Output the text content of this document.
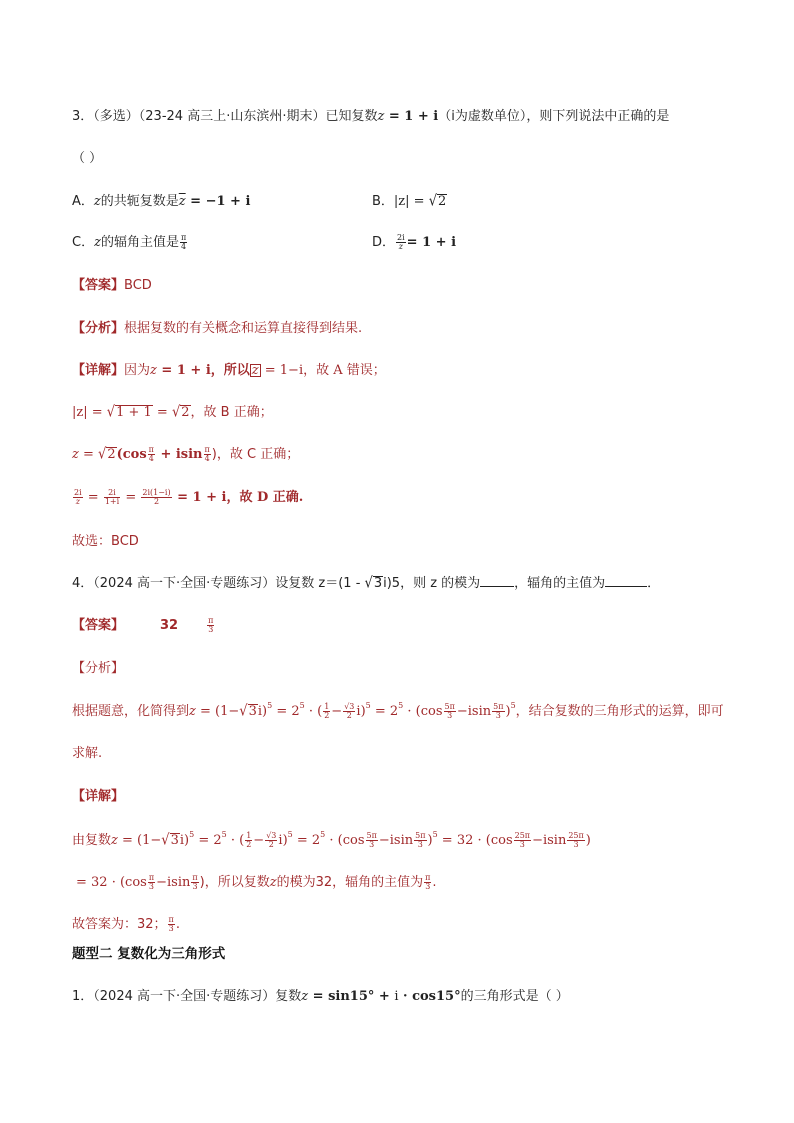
3．（多选）（23-24 高三上·山东滨州·期末）已知复数z = 1 + i（i为虚数单位），则下列说法中正确的是
（ ）
A．z的共轭复数是$\overline{z} = -1 + i$	B．|z| = √2
C．z的辐角主值是 $\frac{\pi}{4}$	D． $\frac{2i}{z} = 1 + i$
【答案】BCD
【分析】根据复数的有关概念和运算直接得到结果.
【详解】因为z = 1 + i，所以 z = 1−i，故 A 错误；
|z| = √1 + 1 = √2，故 B 正确；
$z = √2(\cos \frac{\pi}{4} + isin \frac{\pi}{4}$ )，故 C 正确；
$\frac{2i}{z} = \frac{2i}{1+i} = \frac{2i(1-i)}{2} = 1 + i$，故 D 正确.
故选：BCD
4．（2024 高一下·全国·专题练习）设复数 z＝(1 - √3i)5，则 z 的模为	，辐角的主值为	．
【答案】	32	$\frac{\pi}{3}$
【分析】
根据题意，化简得到$z = (1-√3i)^5 = 2^5$ · ( $\frac{1}{2} - \frac{√3}{2} i)^5 = 2^5 \cdot (\cos \frac{5\pi}{3} -isin \frac{5\pi}{3} )^5$，结合复数的三角形式的运算，即可
求解.
【详解】
由复数$z = (1-√3i)^5 = 2^5$ · ( $\frac{1}{2} - \frac{√3}{2} i)^5 = 2^5 \cdot (\cos \frac{5\pi}{3} -isin \frac{5\pi}{3} )^5 = 32 \cdot (\cos \frac{25\pi}{3} -isin \frac{25\pi}{3}$ )
= $32 \cdot (\cos \frac{\pi}{3} -isin \frac{\pi}{3}$ )，所以复数z的模为32，辐角的主值为 $\frac{\pi}{3}$ .
故答案为：32； $\frac{\pi}{3}$ .
题型二 复数化为三角形式
1．（2024 高一下·全国·专题练习）复数z = sin15° + i · cos15°的三角形式是（ ）
